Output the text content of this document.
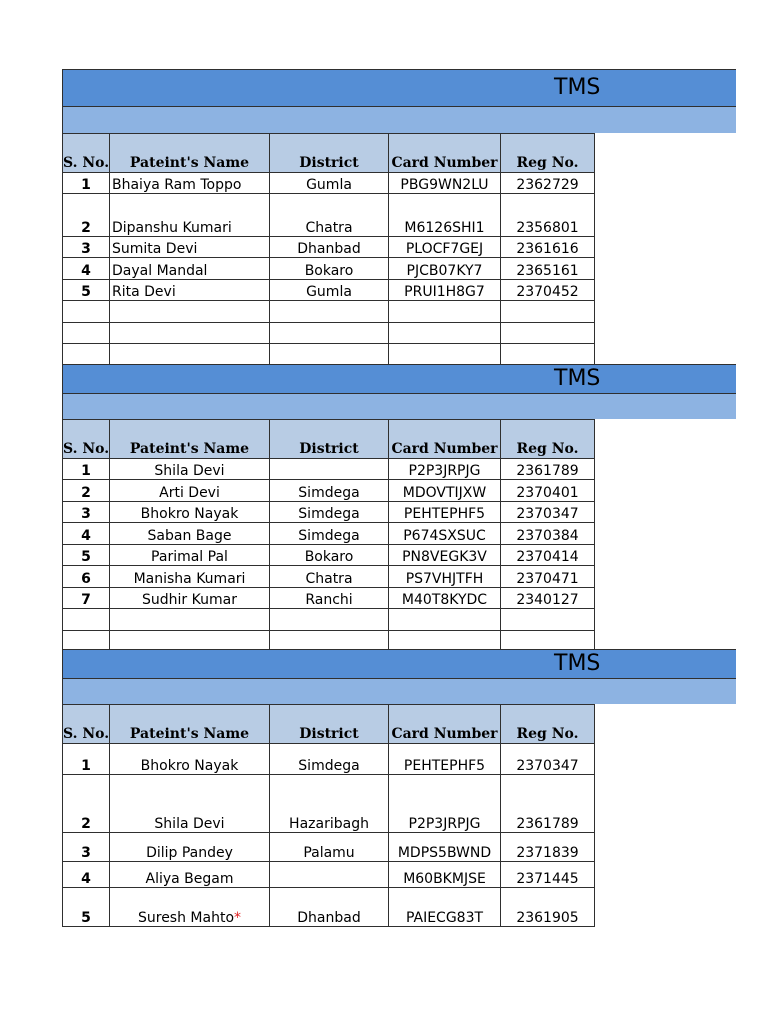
TMS
S. No.	Pateint's Name	District	Card Number	Reg No.
1	Bhaiya Ram Toppo	Gumla	PBG9WN2LU	2362729
2	Dipanshu Kumari	Chatra	M6126SHI1	2356801
3	Sumita Devi	Dhanbad	PLOCF7GEJ	2361616
4	Dayal Mandal	Bokaro	PJCB07KY7	2365161
5	Rita Devi	Gumla	PRUI1H8G7	2370452

TMS
S. No.	Pateint's Name	District	Card Number	Reg No.
1	Shila Devi		P2P3JRPJG	2361789
2	Arti Devi	Simdega	MDOVTIJXW	2370401
3	Bhokro Nayak	Simdega	PEHTEPHF5	2370347
4	Saban Bage	Simdega	P674SXSUC	2370384
5	Parimal Pal	Bokaro	PN8VEGK3V	2370414
6	Manisha Kumari	Chatra	PS7VHJTFH	2370471
7	Sudhir Kumar	Ranchi	M40T8KYDC	2340127

TMS
S. No.	Pateint's Name	District	Card Number	Reg No.
1	Bhokro Nayak	Simdega	PEHTEPHF5	2370347
2	Shila Devi	Hazaribagh	P2P3JRPJG	2361789
3	Dilip Pandey	Palamu	MDPS5BWND	2371839
4	Aliya Begam		M60BKMJSE	2371445
5	Suresh Mahto*	Dhanbad	PAIECG83T	2361905
